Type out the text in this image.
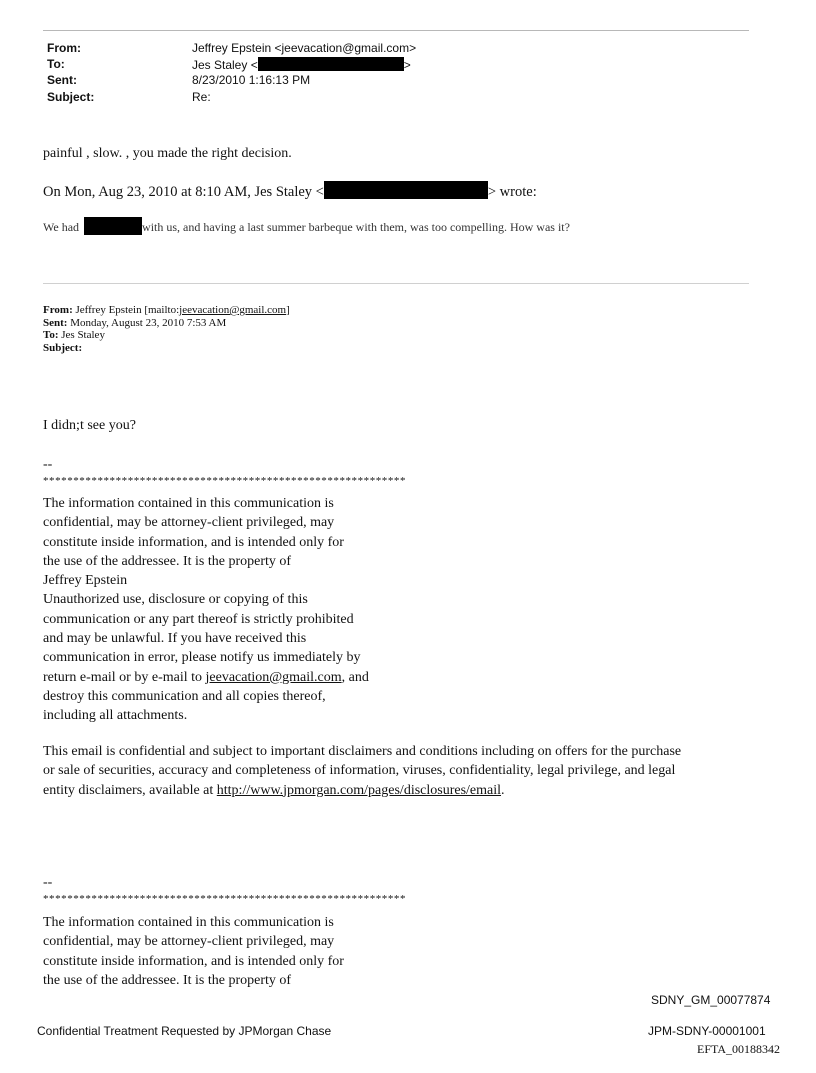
From:	Jeffrey Epstein <jeevacation@gmail.com>
To:	Jes Staley <	>
Sent:	8/23/2010 1:16:13 PM
Subject:	Re:
painful , slow. , you made the right decision.
On Mon, Aug 23, 2010 at 8:10 AM, Jes Staley <	> wrote:
We had	with us, and having a last summer barbeque with them, was too compelling. How was it?
From: Jeffrey Epstein [mailto:jeevacation@gmail.com]
Sent: Monday, August 23, 2010 7:53 AM
To: Jes Staley
Subject:
I didn;t see you?
--
************************************************************
The information contained in this communication is
confidential, may be attorney-client privileged, may
constitute inside information, and is intended only for
the use of the addressee. It is the property of
Jeffrey Epstein
Unauthorized use, disclosure or copying of this
communication or any part thereof is strictly prohibited
and may be unlawful. If you have received this
communication in error, please notify us immediately by
return e-mail or by e-mail to jeevacation@gmail.com, and
destroy this communication and all copies thereof,
including all attachments.
This email is confidential and subject to important disclaimers and conditions including on offers for the purchase
or sale of securities, accuracy and completeness of information, viruses, confidentiality, legal privilege, and legal
entity disclaimers, available at http://www.jpmorgan.com/pages/disclosures/email.
--
************************************************************
The information contained in this communication is
confidential, may be attorney-client privileged, may
constitute inside information, and is intended only for
the use of the addressee. It is the property of
SDNY_GM_00077874
Confidential Treatment Requested by JPMorgan Chase	JPM-SDNY-00001001
EFTA_00188342
